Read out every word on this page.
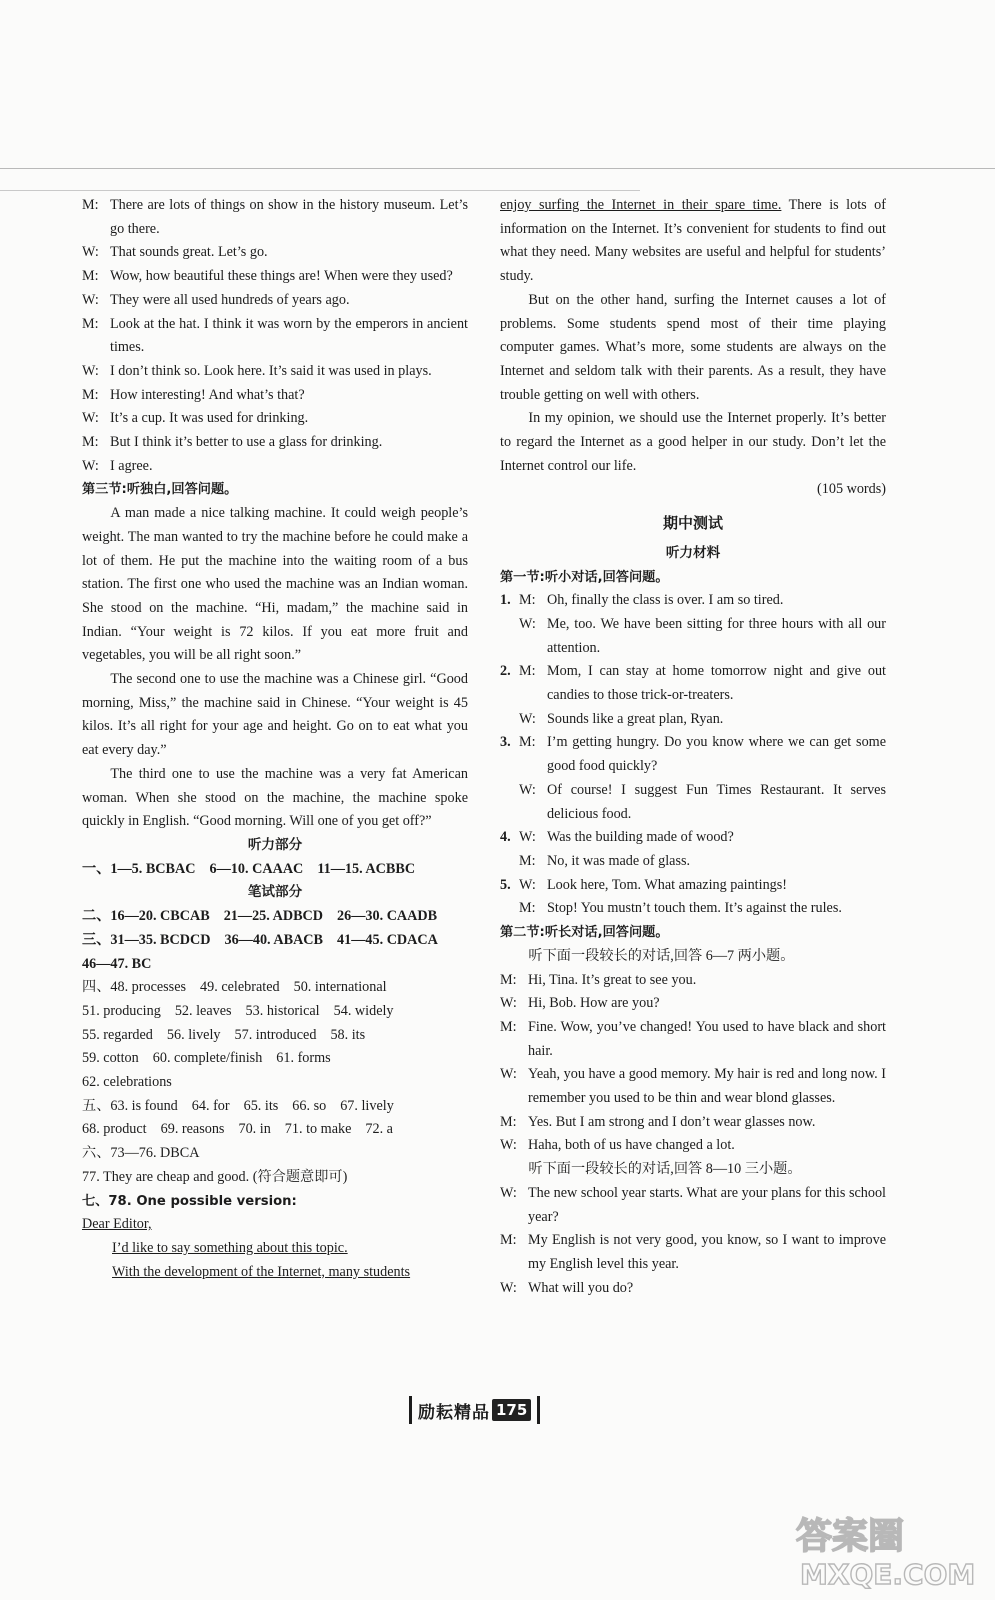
M: There are lots of things on show in the history museum. Let’s go there.
W: That sounds great. Let’s go.
M: Wow, how beautiful these things are! When were they used?
W: They were all used hundreds of years ago.
M: Look at the hat. I think it was worn by the emperors in ancient times.
W: I don’t think so. Look here. It’s said it was used in plays.
M: How interesting! And what’s that?
W: It’s a cup. It was used for drinking.
M: But I think it’s better to use a glass for drinking.
W: I agree.
第三节:听独白,回答问题。
A man made a nice talking machine. It could weigh people’s weight. The man wanted to try the machine before he could make a lot of them. He put the machine into the waiting room of a bus station. The first one who used the machine was an Indian woman. She stood on the machine. “Hi, madam,” the machine said in Indian. “Your weight is 72 kilos. If you eat more fruit and vegetables, you will be all right soon.”
The second one to use the machine was a Chinese girl. “Good morning, Miss,” the machine said in Chinese. “Your weight is 45 kilos. It’s all right for your age and height. Go on to eat what you eat every day.”
The third one to use the machine was a very fat American woman. When she stood on the machine, the machine spoke quickly in English. “Good morning. Will one of you get off?”
听力部分
一、1—5. BCBAC 6—10. CAAAC 11—15. ACBBC
笔试部分
二、16—20. CBCAB 21—25. ADBCD 26—30. CAADB
三、31—35. BCDCD 36—40. ABACB 41—45. CDACA
46—47. BC
四、48. processes 49. celebrated 50. international
51. producing 52. leaves 53. historical 54. widely
55. regarded 56. lively 57. introduced 58. its
59. cotton 60. complete/finish 61. forms
62. celebrations
五、63. is found 64. for 65. its 66. so 67. lively
68. product 69. reasons 70. in 71. to make 72. a
六、73—76. DBCA
77. They are cheap and good. (符合题意即可)
七、78. One possible version:
Dear Editor,
I’d like to say something about this topic.
With the development of the Internet, many students
enjoy surfing the Internet in their spare time. There is lots of information on the Internet. It’s convenient for students to find out what they need. Many websites are useful and helpful for students’ study.
But on the other hand, surfing the Internet causes a lot of problems. Some students spend most of their time playing computer games. What’s more, some students are always on the Internet and seldom talk with their parents. As a result, they have trouble getting on well with others.
In my opinion, we should use the Internet properly. It’s better to regard the Internet as a good helper in our study. Don’t let the Internet control our life.
(105 words)
期中测试
听力材料
第一节:听小对话,回答问题。
1. M: Oh, finally the class is over. I am so tired.
W: Me, too. We have been sitting for three hours with all our attention.
2. M: Mom, I can stay at home tomorrow night and give out candies to those trick-or-treaters.
W: Sounds like a great plan, Ryan.
3. M: I’m getting hungry. Do you know where we can get some good food quickly?
W: Of course! I suggest Fun Times Restaurant. It serves delicious food.
4. W: Was the building made of wood?
M: No, it was made of glass.
5. W: Look here, Tom. What amazing paintings!
M: Stop! You mustn’t touch them. It’s against the rules.
第二节:听长对话,回答问题。
听下面一段较长的对话,回答 6—7 两小题。
M: Hi, Tina. It’s great to see you.
W: Hi, Bob. How are you?
M: Fine. Wow, you’ve changed! You used to have black and short hair.
W: Yeah, you have a good memory. My hair is red and long now. I remember you used to be thin and wear blond glasses.
M: Yes. But I am strong and I don’t wear glasses now.
W: Haha, both of us have changed a lot.
听下面一段较长的对话,回答 8—10 三小题。
W: The new school year starts. What are your plans for this school year?
M: My English is not very good, you know, so I want to improve my English level this year.
W: What will you do?
励耘精品 175
答案圈
MXQE.COM
